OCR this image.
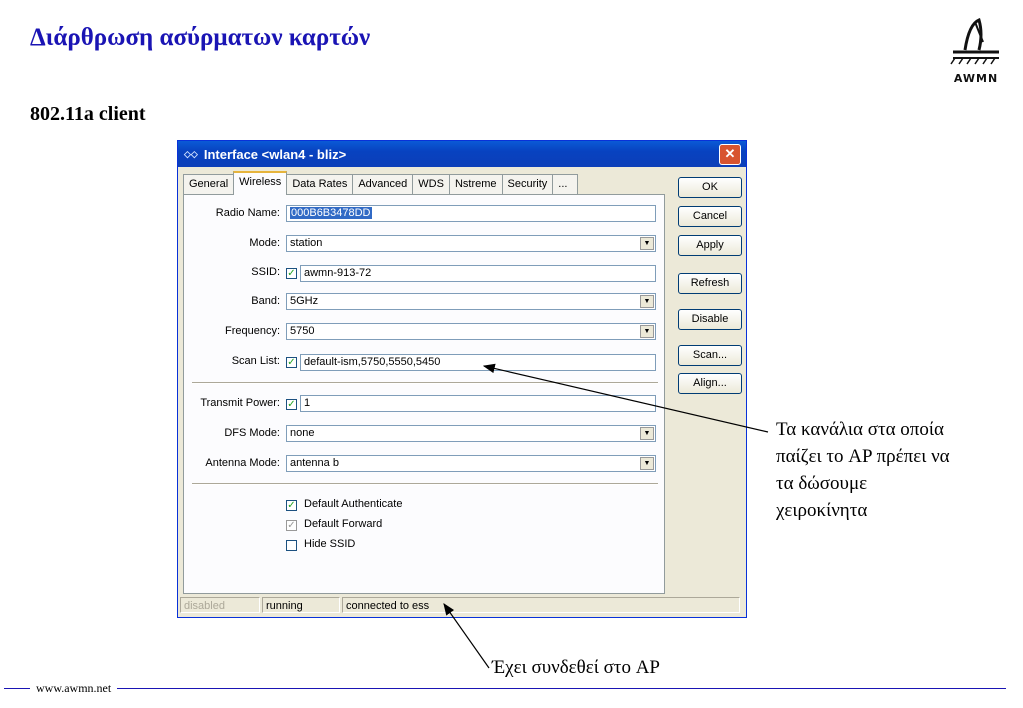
Διάρθρωση ασύρματων καρτών
802.11a client
AWMN
◇◇ Interface <wlan4 - bliz>	✕
General	Wireless	Data Rates	Advanced	WDS	Nstreme	Security	...
Radio Name:	000B6B3478DD
Mode: station	▼
SSID: ✓ awmn-913-72
Band: 5GHz	▼
Frequency: 5750	▼
Scan List: ✓ default-ism,5750,5550,5450
Transmit Power: ✓ 1
DFS Mode: none	▼
Antenna Mode: antenna b	▼
✓ Default Authenticate
✓ Default Forward
Hide SSID
OK
Cancel
Apply
Refresh
Disable
Scan...
Align...
disabled	running	connected to ess
Τα κανάλια στα οποία
παίζει το AP πρέπει να
τα δώσουμε
χειροκίνητα
Έχει συνδεθεί στο AP
www.awmn.net
